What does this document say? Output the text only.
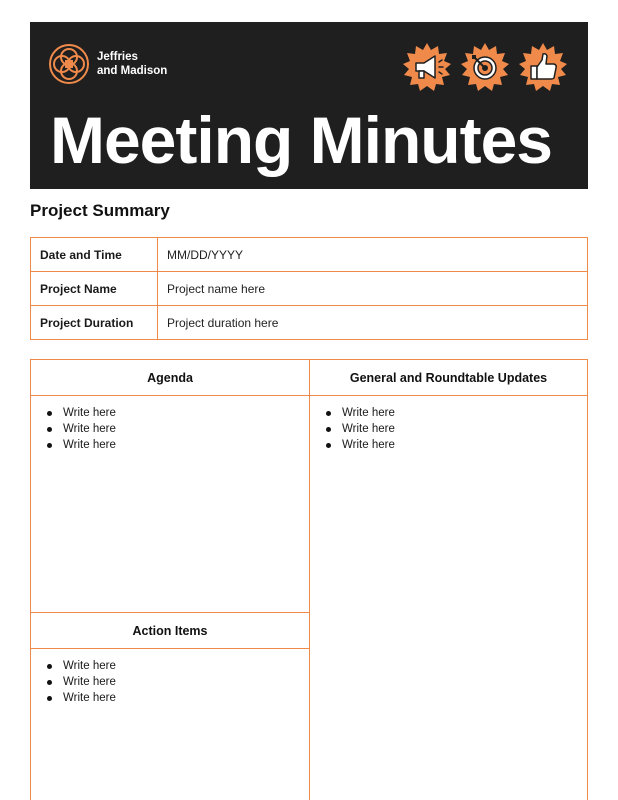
Jeffries
and Madison
Meeting Minutes
Project Summary
Date and Time	MM/DD/YYYY
Project Name	Project name here
Project Duration	Project duration here
Agenda	General and Roundtable Updates
Write here
Write here
Write here
Write here
Write here
Write here
Action Items
Write here
Write here
Write here
